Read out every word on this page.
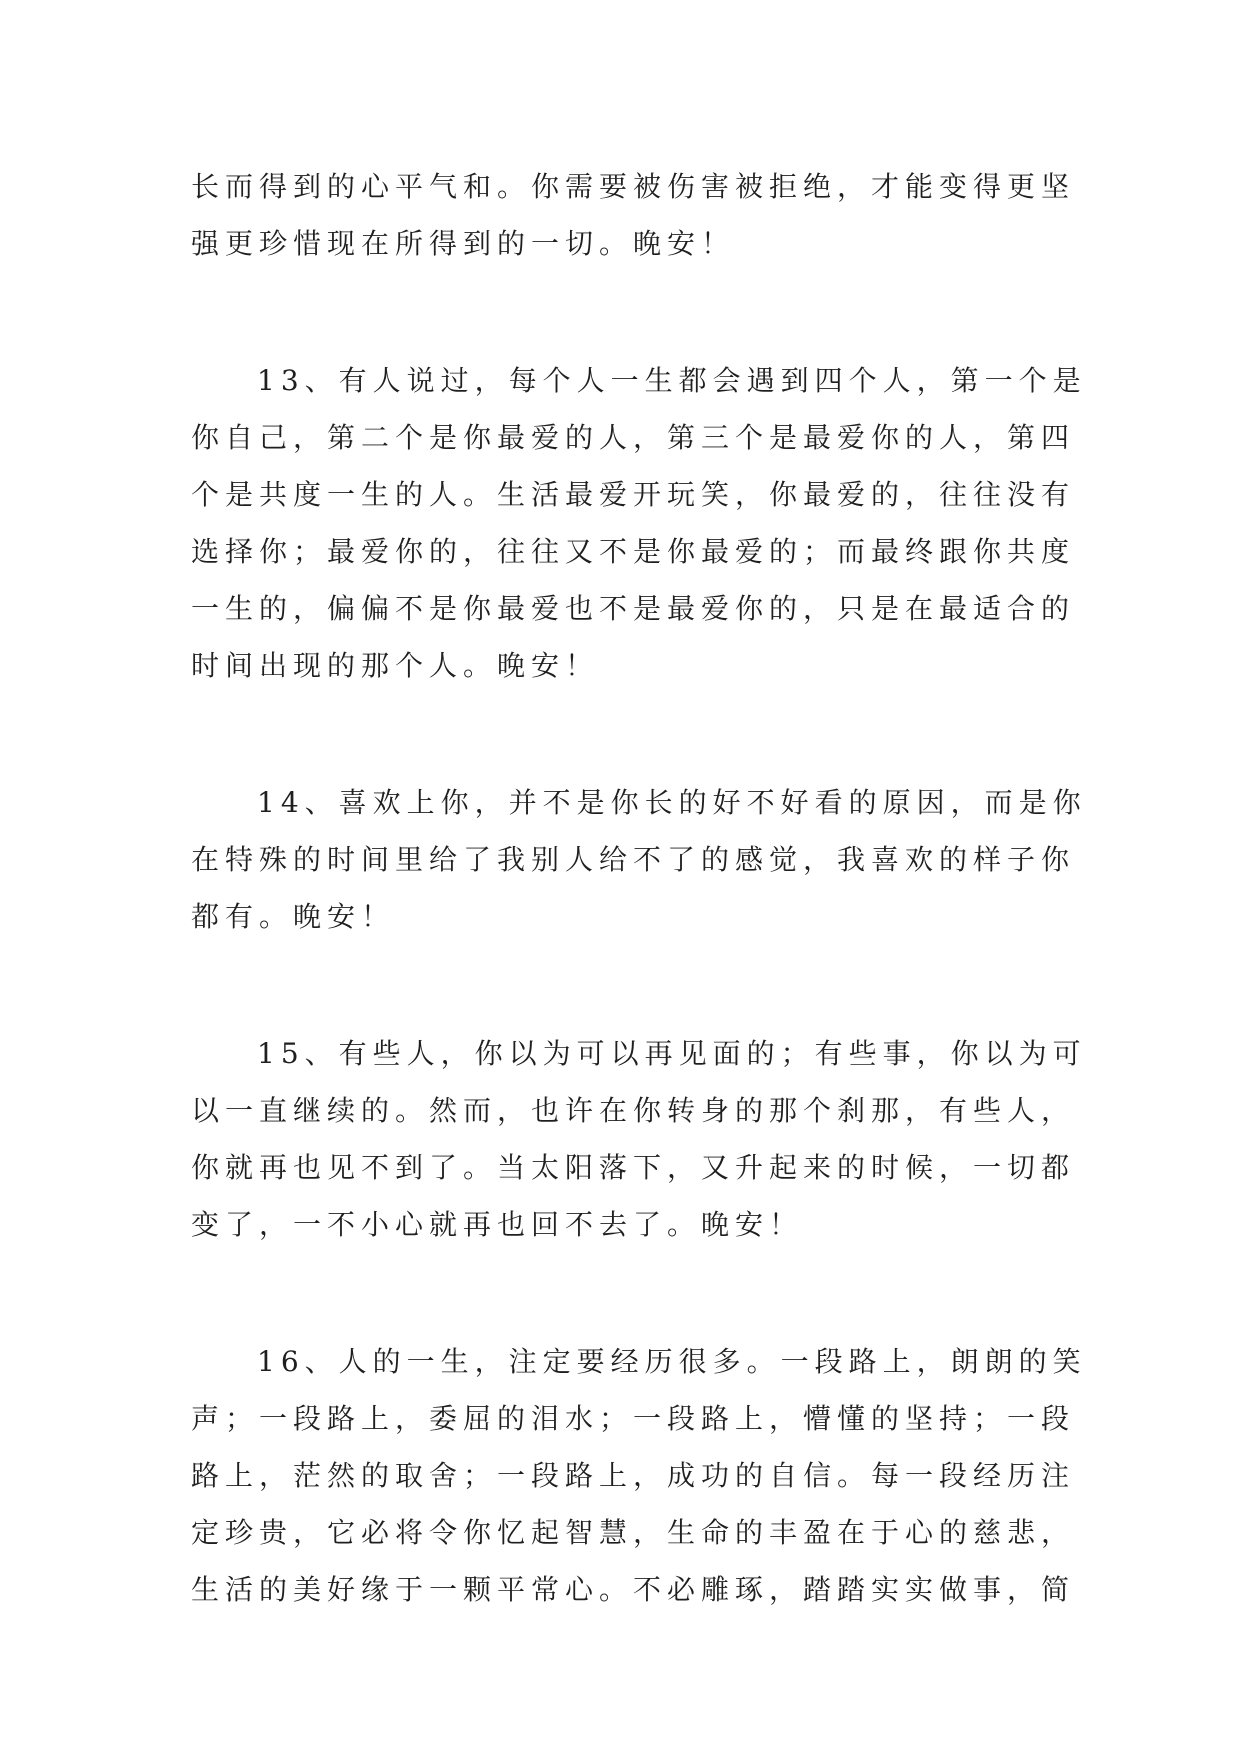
长而得到的心平气和。你需要被伤害被拒绝，才能变得更坚
强更珍惜现在所得到的一切。晚安！
13、有人说过，每个人一生都会遇到四个人，第一个是
你自己，第二个是你最爱的人，第三个是最爱你的人，第四
个是共度一生的人。生活最爱开玩笑，你最爱的，往往没有
选择你；最爱你的，往往又不是你最爱的；而最终跟你共度
一生的，偏偏不是你最爱也不是最爱你的，只是在最适合的
时间出现的那个人。晚安！
14、喜欢上你，并不是你长的好不好看的原因，而是你
在特殊的时间里给了我别人给不了的感觉，我喜欢的样子你
都有。晚安！
15、有些人，你以为可以再见面的；有些事，你以为可
以一直继续的。然而，也许在你转身的那个刹那，有些人，
你就再也见不到了。当太阳落下，又升起来的时候，一切都
变了，一不小心就再也回不去了。晚安！
16、人的一生，注定要经历很多。一段路上，朗朗的笑
声；一段路上，委屈的泪水；一段路上，懵懂的坚持；一段
路上，茫然的取舍；一段路上，成功的自信。每一段经历注
定珍贵，它必将令你忆起智慧，生命的丰盈在于心的慈悲，
生活的美好缘于一颗平常心。不必雕琢，踏踏实实做事，简
